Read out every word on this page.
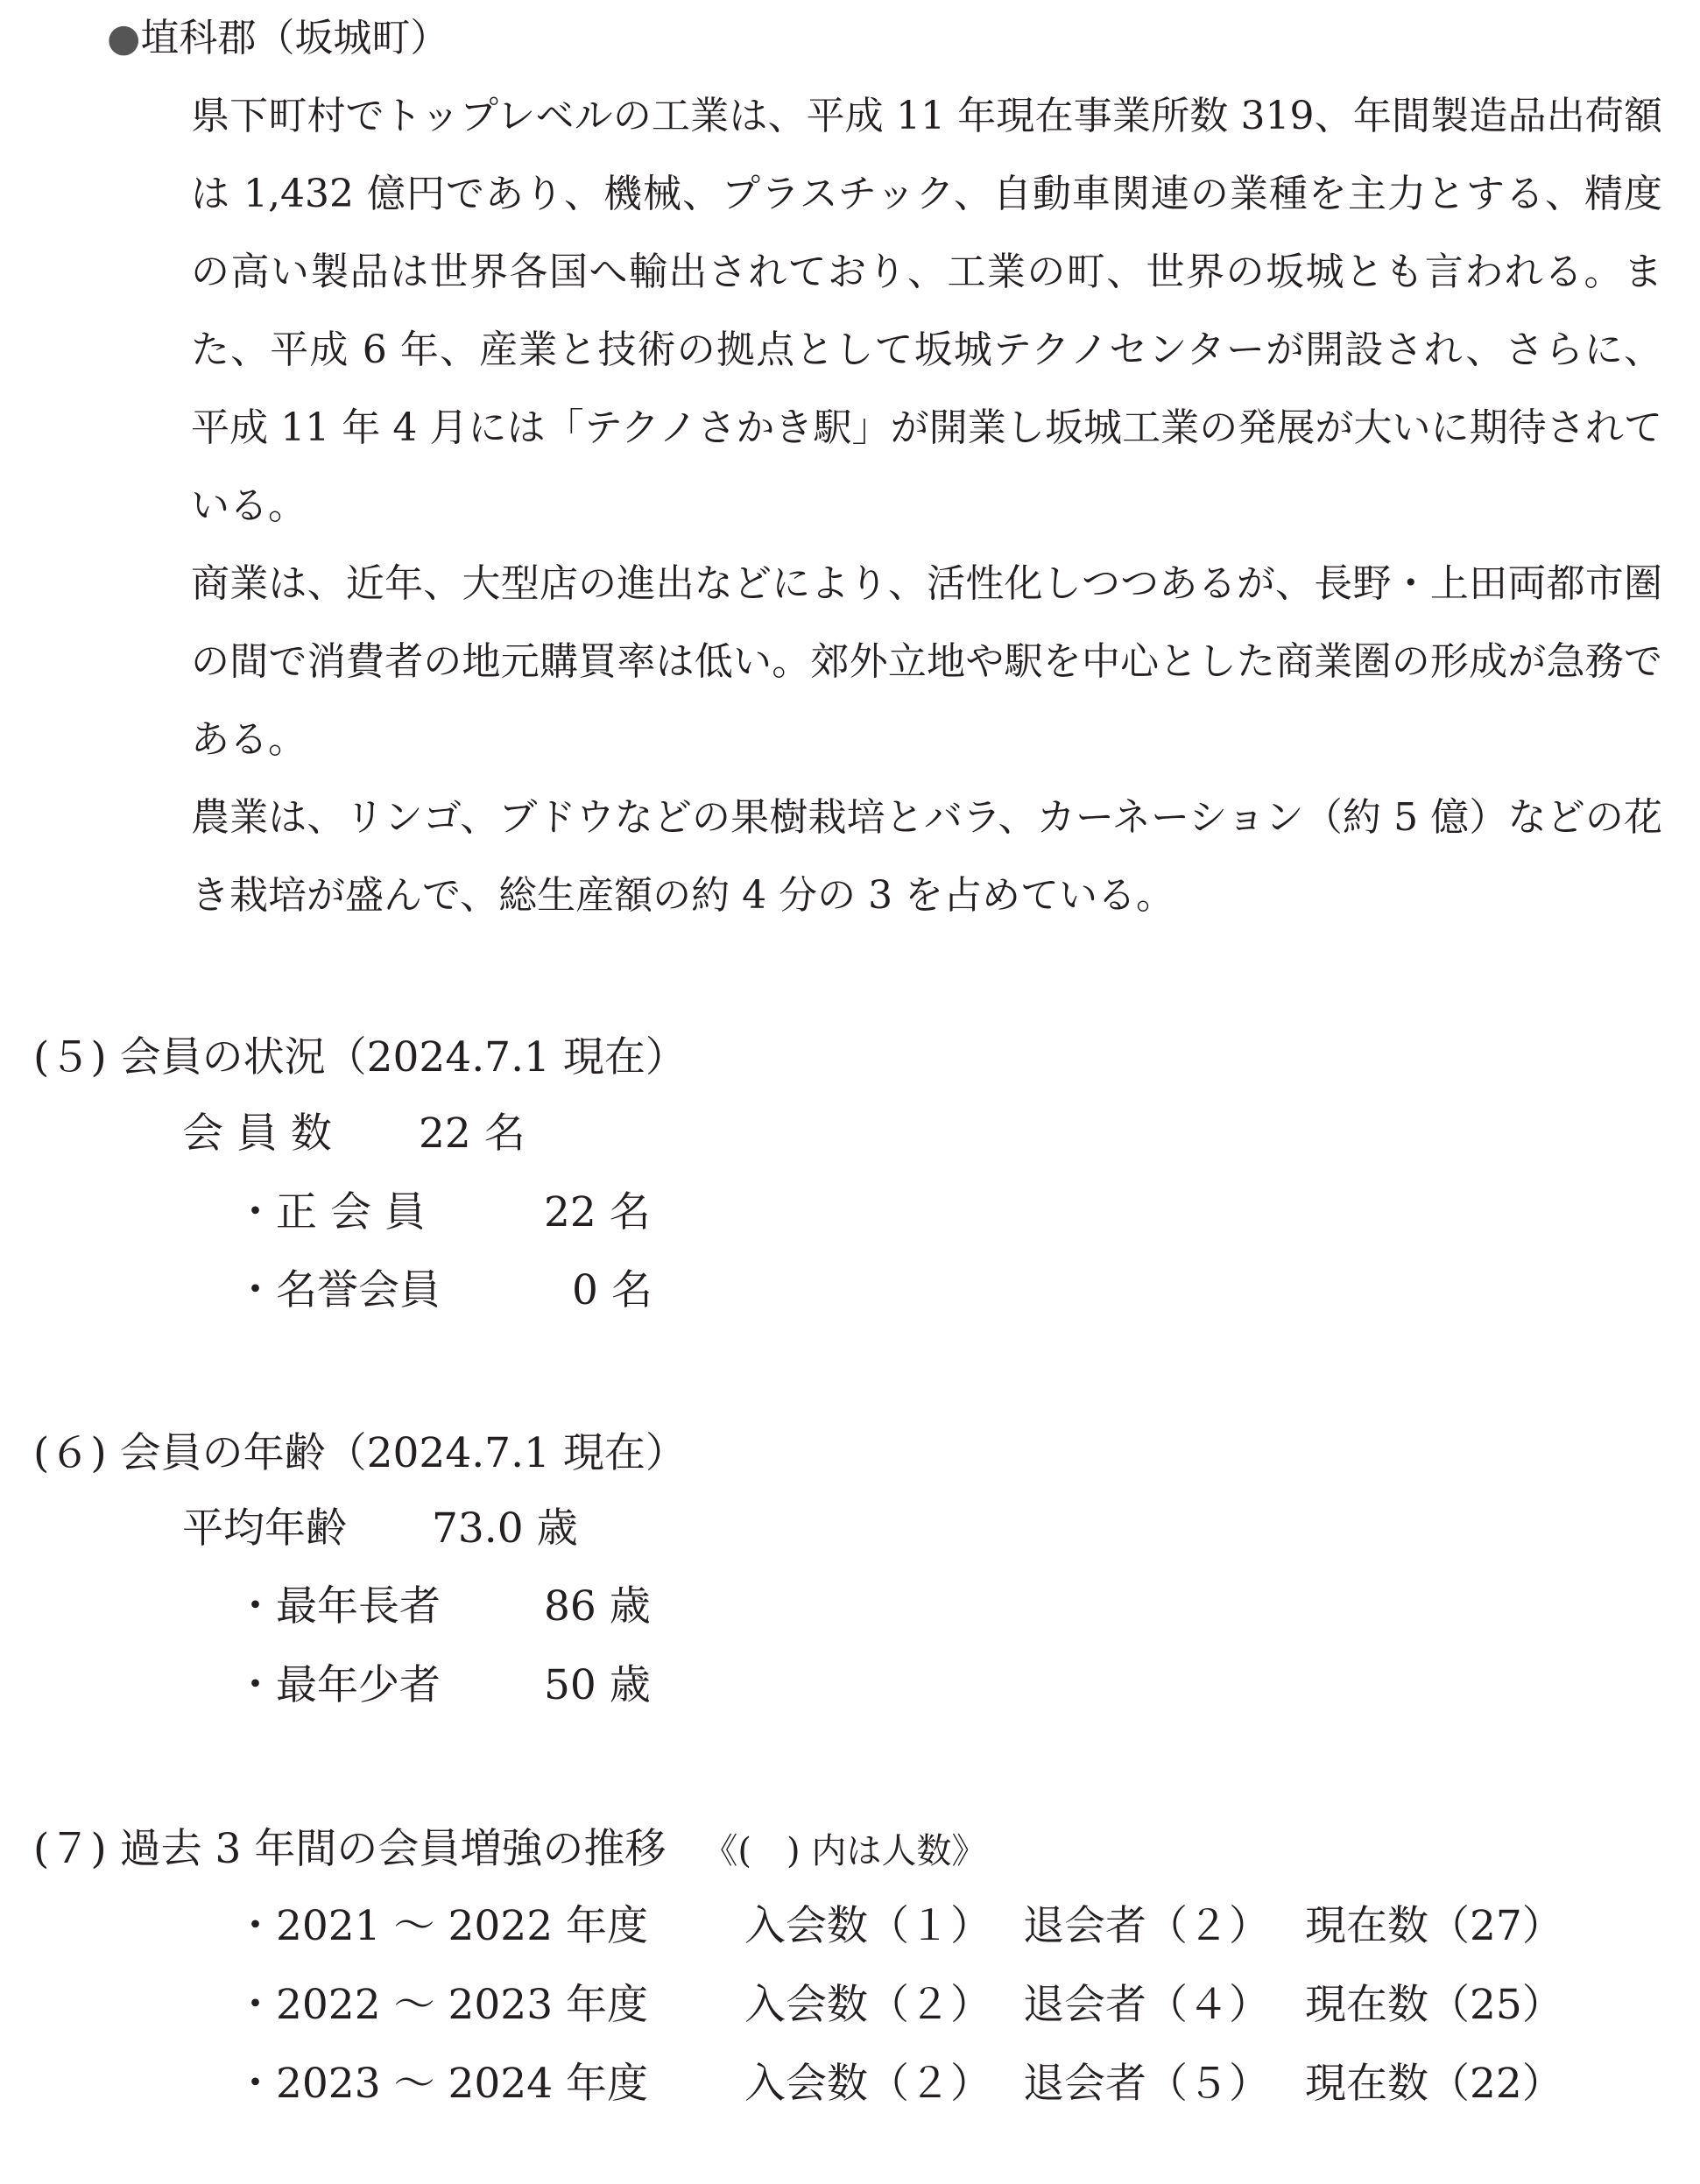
●埴科郡（坂城町）
県下町村でトップレベルの工業は、平成 11 年現在事業所数 319、年間製造品出荷額は 1,432 億円であり、機械、プラスチック、自動車関連の業種を主力とする、精度の高い製品は世界各国へ輸出されており、工業の町、世界の坂城とも言われる。また、平成 6 年、産業と技術の拠点として坂城テクノセンターが開設され、さらに、平成 11 年 4 月には「テクノさかき駅」が開業し坂城工業の発展が大いに期待されている。
商業は、近年、大型店の進出などにより、活性化しつつあるが、長野・上田両都市圏の間で消費者の地元購買率は低い。郊外立地や駅を中心とした商業圏の形成が急務である。
農業は、リンゴ、ブドウなどの果樹栽培とバラ、カーネーション（約 5 億）などの花き栽培が盛んで、総生産額の約 4 分の 3 を占めている。
(５) 会員の状況（2024.7.1 現在）
会 員 数 22 名
・正 会 員	22 名
・名誉会員	0 名
(６) 会員の年齢（2024.7.1 現在）
平均年齢 73.0 歳
・最年長者	86 歳
・最年少者	50 歳
(７) 過去 3 年間の会員増強の推移 《(　) 内は人数》
・2021 ～ 2022 年度 入会数（１） 退会者（２） 現在数（27）
・2022 ～ 2023 年度 入会数（２） 退会者（４） 現在数（25）
・2023 ～ 2024 年度 入会数（２） 退会者（５） 現在数（22）
